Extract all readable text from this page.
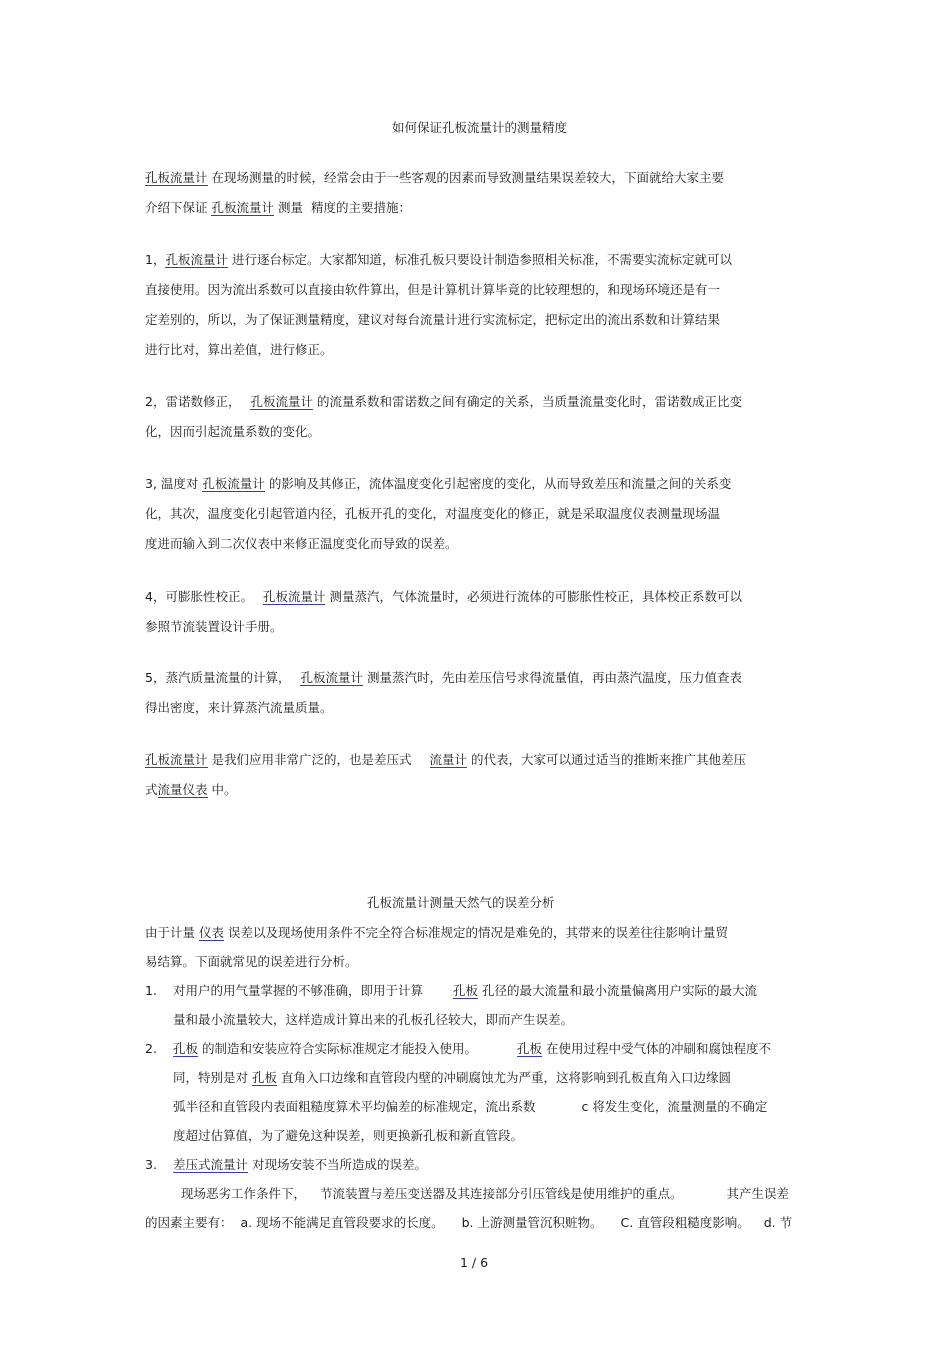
如何保证孔板流量计的测量精度
孔板流量计 在现场测量的时候，经常会由于一些客观的因素而导致测量结果误差较大，下面就给大家主要
介绍下保证 孔板流量计 测量 精度的主要措施：
1，孔板流量计 进行逐台标定。大家都知道，标准孔板只要设计制造参照相关标准，不需要实流标定就可以
直接使用。因为流出系数可以直接由软件算出，但是计算机计算毕竟的比较理想的，和现场环境还是有一
定差别的，所以，为了保证测量精度，建议对每台流量计进行实流标定，把标定出的流出系数和计算结果
进行比对，算出差值，进行修正。
2，雷诺数修正， 孔板流量计 的流量系数和雷诺数之间有确定的关系，当质量流量变化时，雷诺数成正比变
化，因而引起流量系数的变化。
3, 温度对 孔板流量计 的影响及其修正，流体温度变化引起密度的变化，从而导致差压和流量之间的关系变
化，其次，温度变化引起管道内径，孔板开孔的变化，对温度变化的修正，就是采取温度仪表测量现场温
度进而输入到二次仪表中来修正温度变化而导致的误差。
4，可膨胀性校正。 孔板流量计 测量蒸汽，气体流量时，必须进行流体的可膨胀性校正，具体校正系数可以
参照节流装置设计手册。
5，蒸汽质量流量的计算， 孔板流量计 测量蒸汽时，先由差压信号求得流量值，再由蒸汽温度，压力值查表
得出密度，来计算蒸汽流量质量。
孔板流量计 是我们应用非常广泛的，也是差压式 流量计 的代表，大家可以通过适当的推断来推广其他差压
式流量仪表 中。
孔板流量计测量天然气的误差分析
由于计量 仪表 误差以及现场使用条件不完全符合标准规定的情况是难免的，其带来的误差往往影响计量贸
易结算。下面就常见的误差进行分析。
1. 对用户的用气量掌握的不够准确，即用于计算 孔板 孔径的最大流量和最小流量偏离用户实际的最大流
量和最小流量较大，这样造成计算出来的孔板孔径较大，即而产生误差。
2. 孔板 的制造和安装应符合实际标准规定才能投入使用。	孔板 在使用过程中受气体的冲刷和腐蚀程度不
同，特别是对 孔板 直角入口边缘和直管段内壁的冲刷腐蚀尤为严重，这将影响到孔板直角入口边缘圆
弧半径和直管段内表面粗糙度算术平均偏差的标准规定，流出系数	c 将发生变化，流量测量的不确定
度超过估算值，为了避免这种误差，则更换新孔板和新直管段。
3. 差压式流量计 对现场安装不当所造成的误差。
现场恶劣工作条件下， 节流装置与差压变送器及其连接部分引压管线是使用维护的重点。	其产生误差
的因素主要有： a. 现场不能满足直管段要求的长度。 b. 上游测量管沉积赃物。 C. 直管段粗糙度影响。 d. 节
1 / 6
